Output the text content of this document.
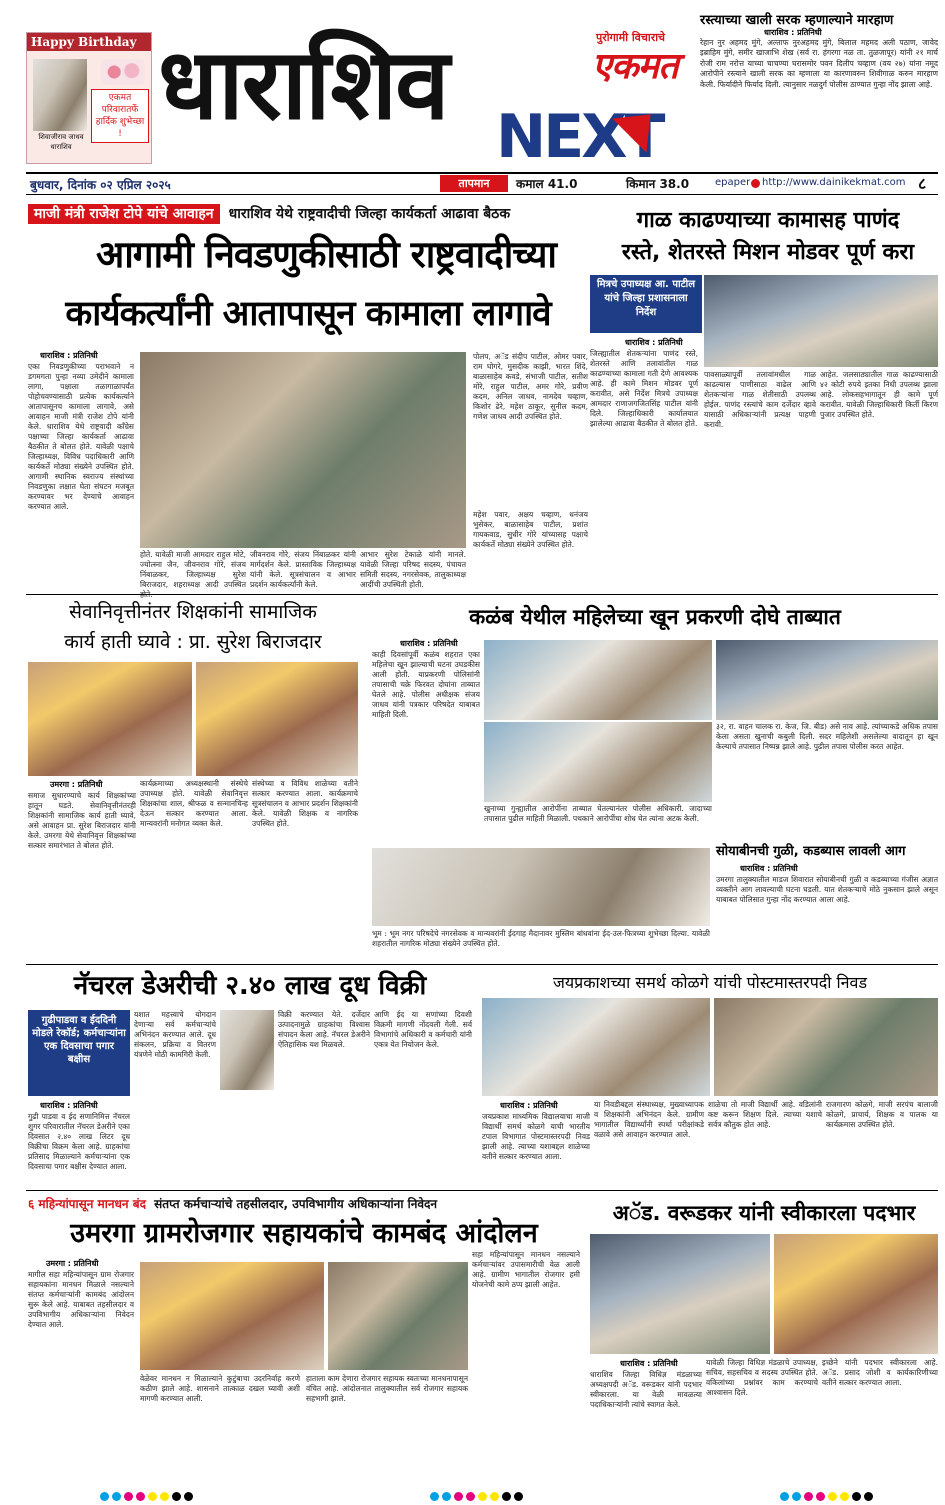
Happy Birthday
एकमत परिवारातर्फे हार्दिक शुभेच्छा !
शिवाजीराव जाधव
धाराशिव
धाराशिव	पुरोगामी विचाराचे
एकमत
NEXT
रस्त्याच्या खाली सरक म्हणाल्याने मारहाण
धाराशिव : प्रतिनिधी
रेहान नुर अहमद मुंगे, अल्ताफ नुरअहमद मुंगे, बिलाल महमद अली पठाण, जावेद इब्राहिम मुंगे, समीर खाजाभि शेख (सर्व रा. हंगरगा नळ ता. तुळजापूर) यांनी २१ मार्च रोजी राम नरोत्त याच्या चाचण्या घरासमोर पवन दिलीप चव्हाण (वय २७) यांना नमूद आरोपीने रस्त्याने खाली सरक का म्हणाला या कारणावरुन शिवीगाळ करुन मारहाण केली. फिर्यादीने फिर्याद दिली. त्यानुसार नळदुर्ग पोलीस ठाण्यात गुन्हा नोंद झाला आहे.
बुधवार, दिनांक ०२ एप्रिल २०२५	तापमान	कमाल 41.0	किमान 38.0	epaper http://www.dainikekmat.com ८
माजी मंत्री राजेश टोपे यांचे आवाहन धाराशिव येथे राष्ट्रवादीची जिल्हा कार्यकर्ता आढावा बैठक
आगामी निवडणुकीसाठी राष्ट्रवादीच्या
कार्यकर्त्यांनी आतापासून कामाला लागावे
धाराशिव : प्रतिनिधी
एका निवडणुकीच्या पराभवाने न डगमगता पुन्हा नव्या उमेदीने कामाला लागा, पक्षाला तळागाळापर्यंत पोहोचवण्यासाठी प्रत्येक कार्यकर्त्याने आतापासूनच कामाला लागावे, असे आवाहन माजी मंत्री राजेश टोपे यांनी केले. धाराशिव येथे राष्ट्रवादी काँग्रेस पक्षाच्या जिल्हा कार्यकर्ता आढावा बैठकीत ते बोलत होते. यावेळी पक्षाचे जिल्हाध्यक्ष, विविध पदाधिकारी आणि कार्यकर्ते मोठ्या संख्येने उपस्थित होते. आगामी स्थानिक स्वराज्य संस्थांच्या निवडणुका लक्षात घेता संघटन मजबूत करण्यावर भर देण्याचे आवाहन करण्यात आले.
पोलप, अॅड संदीप पाटील, ओमर पवार, राम घोगरे, मुसदीक काझी, भारत शिंदे, बाळासाहेब कवडे, संभाजी पाटील, सतीश मोरे, राहुल पाटील, अमर गोरे, प्रवीण कदम, अनिल जाधव, नामदेव चव्हाण, किशोर ढेरे, महेश ठाकूर, सुनील कदम, गणेश जाधव आदी उपस्थित होते.
महेश पवार, अक्षय चव्हाण, धनंजय भुसेकर, बाळासाहेब पाटील, प्रशांत गायकवाड, सुधीर गोरे यांच्यासह पक्षाचे कार्यकर्ते मोठ्या संख्येने उपस्थित होते.
होते. यावेळी माजी आमदार राहुल मोटे, ज्योत्स्ना जैन, जीवनराव गोरे, संजय निंबाळकर, जिल्हाध्यक्ष सुरेश बिराजदार, शहराध्यक्ष आदी उपस्थित
जीवनराव गोरे, संजय निंबाळकर यांनी मार्गदर्शन केले. प्रास्ताविक जिल्हाध्यक्ष यांनी केले. सूत्रसंचालन व आभार प्रदर्शन कार्यकर्त्यांनी केले.
आभार सुरेश टेकाळे यांनी मानले. यावेळी जिल्हा परिषद सदस्य, पंचायत समिती सदस्य, नगरसेवक, तालुकाध्यक्ष आदींची उपस्थिती होती.
गाळ काढण्याच्या कामासह पाणंद
रस्ते, शेतरस्ते मिशन मोडवर पूर्ण करा
मित्रचे उपाध्यक्ष आ. पाटील यांचे जिल्हा प्रशासनाला निर्देश
धाराशिव : प्रतिनिधी
जिल्ह्यातील शेतकऱ्यांना पाणंद रस्ते, शेतरस्ते आणि तलावांतील गाळ काढण्याच्या कामाला गती देणे आवश्यक आहे. ही कामे मिशन मोडवर पूर्ण करावीत, असे निर्देश मित्रचे उपाध्यक्ष आमदार राणाजगजितसिंह पाटील यांनी दिले. जिल्हाधिकारी कार्यालयात झालेल्या आढावा बैठकीत ते बोलत होते.
पावसाळ्यापूर्वी तलावांमधील गाळ काढल्यास पाणीसाठा वाढेल आणि शेतकऱ्यांना गाळ शेतीसाठी उपलब्ध होईल. पाणंद रस्त्यांचे काम दर्जेदार व्हावे यासाठी अधिकाऱ्यांनी प्रत्यक्ष पाहणी करावी.
आहेत. जलसाठ्यातील गाळ काढण्यासाठी ४२ कोटी रुपये इतका निधी उपलब्ध झाला आहे. लोकसहभागातून ही कामे पूर्ण करावीत. यावेळी जिल्हाधिकारी किर्ती किरण पुजार उपस्थित होते.
सेवानिवृत्तीनंतर शिक्षकांनी सामाजिक
कार्य हाती घ्यावे : प्रा. सुरेश बिराजदार
उमरगा : प्रतिनिधी
समाज सुधारण्याचे कार्य शिक्षकांच्या हातून घडते. सेवानिवृत्तीनंतरही शिक्षकांनी सामाजिक कार्य हाती घ्यावे, असे आवाहन प्रा. सुरेश बिराजदार यांनी केले. उमरगा येथे सेवानिवृत्त शिक्षकांच्या सत्कार समारंभात ते बोलत होते.
कार्यक्रमाच्या अध्यक्षस्थानी संस्थेचे उपाध्यक्ष होते. यावेळी सेवानिवृत्त शिक्षकांचा शाल, श्रीफळ व सन्मानचिन्ह देऊन सत्कार करण्यात आला. मान्यवरांनी मनोगत व्यक्त केले.
संस्थेच्या व विविध शाळेच्या वतीने सत्कार करण्यात आला. कार्यक्रमाचे सूत्रसंचालन व आभार प्रदर्शन शिक्षकांनी केले. यावेळी शिक्षक व नागरिक उपस्थित होते.
कळंब येथील महिलेच्या खून प्रकरणी दोघे ताब्यात
धाराशिव : प्रतिनिधी
काही दिवसांपूर्वी कळंब शहरात एका महिलेचा खून झाल्याची घटना उघडकीस आली होती. याप्रकरणी पोलिसांनी तपासाची चक्रे फिरवत दोघांना ताब्यात घेतले आहे. पोलीस अधीक्षक संजय जाधव यांनी पत्रकार परिषदेत याबाबत माहिती दिली.
खुनाच्या गुन्ह्यातील आरोपींना ताब्यात घेतल्यानंतर पोलीस अधिकारी. जादाच्या तपासात पुढील माहिती मिळाली. पथकाने आरोपींचा शोध घेत त्यांना अटक केली.
३२, रा. वाहन चालक रा. केज, जि. बीड) असे नाव आहे. त्यांच्याकडे अधिक तपास केला असता खुनाची कबुली दिली. सदर महिलेशी असलेल्या वादातून हा खून केल्याचे तपासात निष्पन्न झाले आहे. पुढील तपास पोलीस करत आहेत.
सोयाबीनची गुळी, कडब्यास लावली आग
धाराशिव : प्रतिनिधी
उमरगा तालुक्यातील माडज शिवारात सोयाबीनची गुळी व कडब्याच्या गंजीस अज्ञात व्यक्तीने आग लावल्याची घटना घडली. यात शेतकऱ्याचे मोठे नुकसान झाले असून याबाबत पोलिसात गुन्हा नोंद करण्यात आला आहे.
भूम : भूम नगर परिषदेचे नगरसेवक व मान्यवरांनी ईदगाह मैदानावर मुस्लिम बांधवांना ईद-उल-फित्रच्या शुभेच्छा दिल्या. यावेळी शहरातील नागरिक मोठ्या संख्येने उपस्थित होते.
नॅचरल डेअरीची २.४० लाख दूध विक्री
गुढीपाडवा व ईददिनी मोडले रेकॉर्ड; कर्मचाऱ्यांना एक दिवसाचा पगार बक्षीस
धाराशिव : प्रतिनिधी
गुढी पाडवा व ईद सणानिमित्त नॅचरल शुगर परिवारातील नॅचरल डेअरीने एका दिवसात २.४० लाख लिटर दूध विक्रीचा विक्रम केला आहे. ग्राहकांचा प्रतिसाद मिळाल्याने कर्मचाऱ्यांना एक दिवसाचा पगार बक्षीस देण्यात आला.
यशात महत्त्वाचे योगदान देणाऱ्या सर्व कर्मचाऱ्यांचे अभिनंदन करण्यात आले. दूध संकलन, प्रक्रिया व वितरण यंत्रणेने मोठी कामगिरी केली.
विक्री करण्यात येते. दर्जेदार उत्पादनामुळे ग्राहकांचा विश्वास संपादन केला आहे. नॅचरल डेअरीने ऐतिहासिक यश मिळवले.
आणि ईद या सणांच्या दिवशी विक्रमी मागणी नोंदवली गेली. सर्व विभागांचे अधिकारी व कर्मचारी यांनी एकत्र येत नियोजन केले.
जयप्रकाशच्या समर्थ कोळगे यांची पोस्टमास्तरपदी निवड
धाराशिव : प्रतिनिधी
जयप्रकाश माध्यमिक विद्यालयाचा माजी विद्यार्थी समर्थ कोळगे याची भारतीय टपाल विभागात पोस्टमास्तरपदी निवड झाली आहे. त्याच्या यशाबद्दल शाळेच्या वतीने सत्कार करण्यात आला.
या निवडीबद्दल संस्थाध्यक्ष, मुख्याध्यापक व शिक्षकांनी अभिनंदन केले. ग्रामीण भागातील विद्यार्थ्यांनी स्पर्धा परीक्षांकडे वळावे असे आवाहन करण्यात आले.
शाळेचा तो माजी विद्यार्थी आहे. वडिलांनी कष्ट करून शिक्षण दिले. त्याच्या यशाचे सर्वत्र कौतुक होत आहे.
राजगारण कोळगे, माजी सरपंच बालाजी कोळगे, प्राचार्य, शिक्षक व पालक या कार्यक्रमास उपस्थित होते.
६ महिन्यांपासून मानधन बंद संतप्त कर्मचाऱ्यांचे तहसीलदार, उपविभागीय अधिकाऱ्यांना निवेदन
उमरगा ग्रामरोजगार सहायकांचे कामबंद आंदोलन
उमरगा : प्रतिनिधी
मागील सहा महिन्यांपासून ग्राम रोजगार सहायकांना मानधन मिळाले नसल्याने संतप्त कर्मचाऱ्यांनी कामबंद आंदोलन सुरू केले आहे. याबाबत तहसीलदार व उपविभागीय अधिकाऱ्यांना निवेदन देण्यात आले.
सहा महिन्यांपासून मानधन नसल्याने कर्मचाऱ्यांवर उपासमारीची वेळ आली आहे. ग्रामीण भागातील रोजगार हमी योजनेची कामे ठप्प झाली आहेत.
वेळेवर मानधन न मिळाल्याने कुटुंबाचा उदरनिर्वाह करणे कठीण झाले आहे. शासनाने तात्काळ दखल घ्यावी अशी मागणी करण्यात आली.
हाताला काम देणारा रोजगार सहायक स्वतःच्या मानधनापासून वंचित आहे. आंदोलनात तालुक्यातील सर्व रोजगार सहायक सहभागी झाले.
अॅड. वरूडकर यांनी स्वीकारला पदभार
धाराशिव : प्रतिनिधी
धाराशिव जिल्हा विधिज्ञ मंडळाच्या अध्यक्षपदी अॅड. वरूडकर यांनी पदभार स्वीकारला. या वेळी मावळत्या पदाधिकाऱ्यांनी त्यांचे स्वागत केले.
यावेळी जिल्हा विधिज्ञ मंडळाचे उपाध्यक्ष, सचिव, सहसचिव व सदस्य उपस्थित होते. वकिलांच्या प्रश्नांवर काम करण्याचे आश्वासन दिले.
इच्छेने यांनी पदभार स्वीकारला आहे. अॅड. प्रसाद जोशी व कार्यकारिणीच्या वतीने सत्कार करण्यात आला.
